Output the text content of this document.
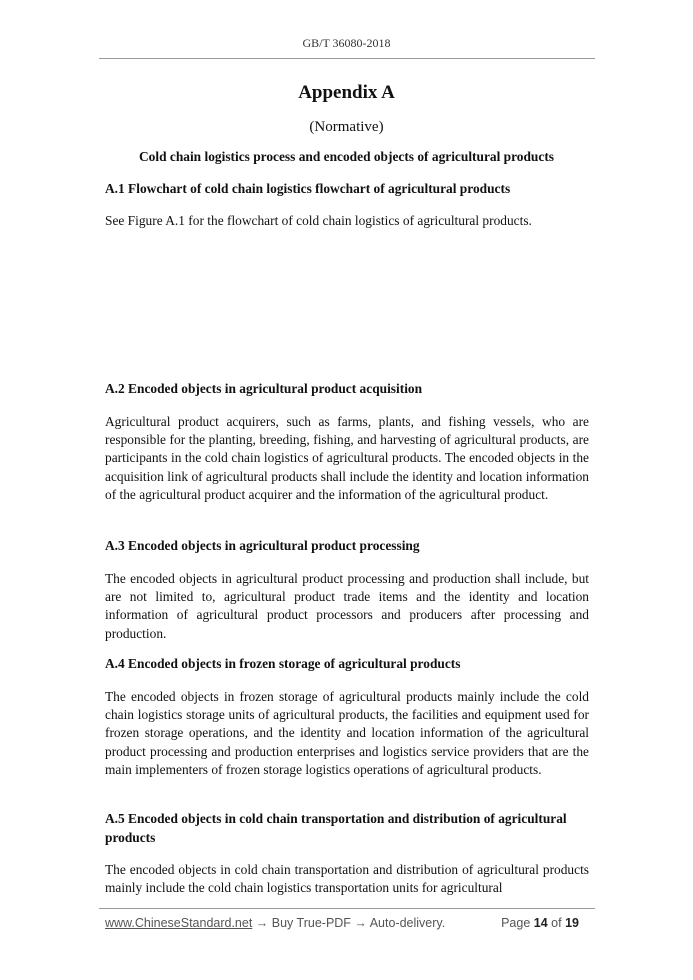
GB/T 36080-2018
Appendix A
(Normative)
Cold chain logistics process and encoded objects of agricultural products
A.1 Flowchart of cold chain logistics flowchart of agricultural products
See Figure A.1 for the flowchart of cold chain logistics of agricultural products.
A.2 Encoded objects in agricultural product acquisition
Agricultural product acquirers, such as farms, plants, and fishing vessels, who are responsible for the planting, breeding, fishing, and harvesting of agricultural products, are participants in the cold chain logistics of agricultural products. The encoded objects in the acquisition link of agricultural products shall include the identity and location information of the agricultural product acquirer and the information of the agricultural product.
A.3 Encoded objects in agricultural product processing
The encoded objects in agricultural product processing and production shall include, but are not limited to, agricultural product trade items and the identity and location information of agricultural product processors and producers after processing and production.
A.4 Encoded objects in frozen storage of agricultural products
The encoded objects in frozen storage of agricultural products mainly include the cold chain logistics storage units of agricultural products, the facilities and equipment used for frozen storage operations, and the identity and location information of the agricultural product processing and production enterprises and logistics service providers that are the main implementers of frozen storage logistics operations of agricultural products.
A.5 Encoded objects in cold chain transportation and distribution of agricultural products
The encoded objects in cold chain transportation and distribution of agricultural products mainly include the cold chain logistics transportation units for agricultural
www.ChineseStandard.net → Buy True-PDF → Auto-delivery.	Page 14 of 19
